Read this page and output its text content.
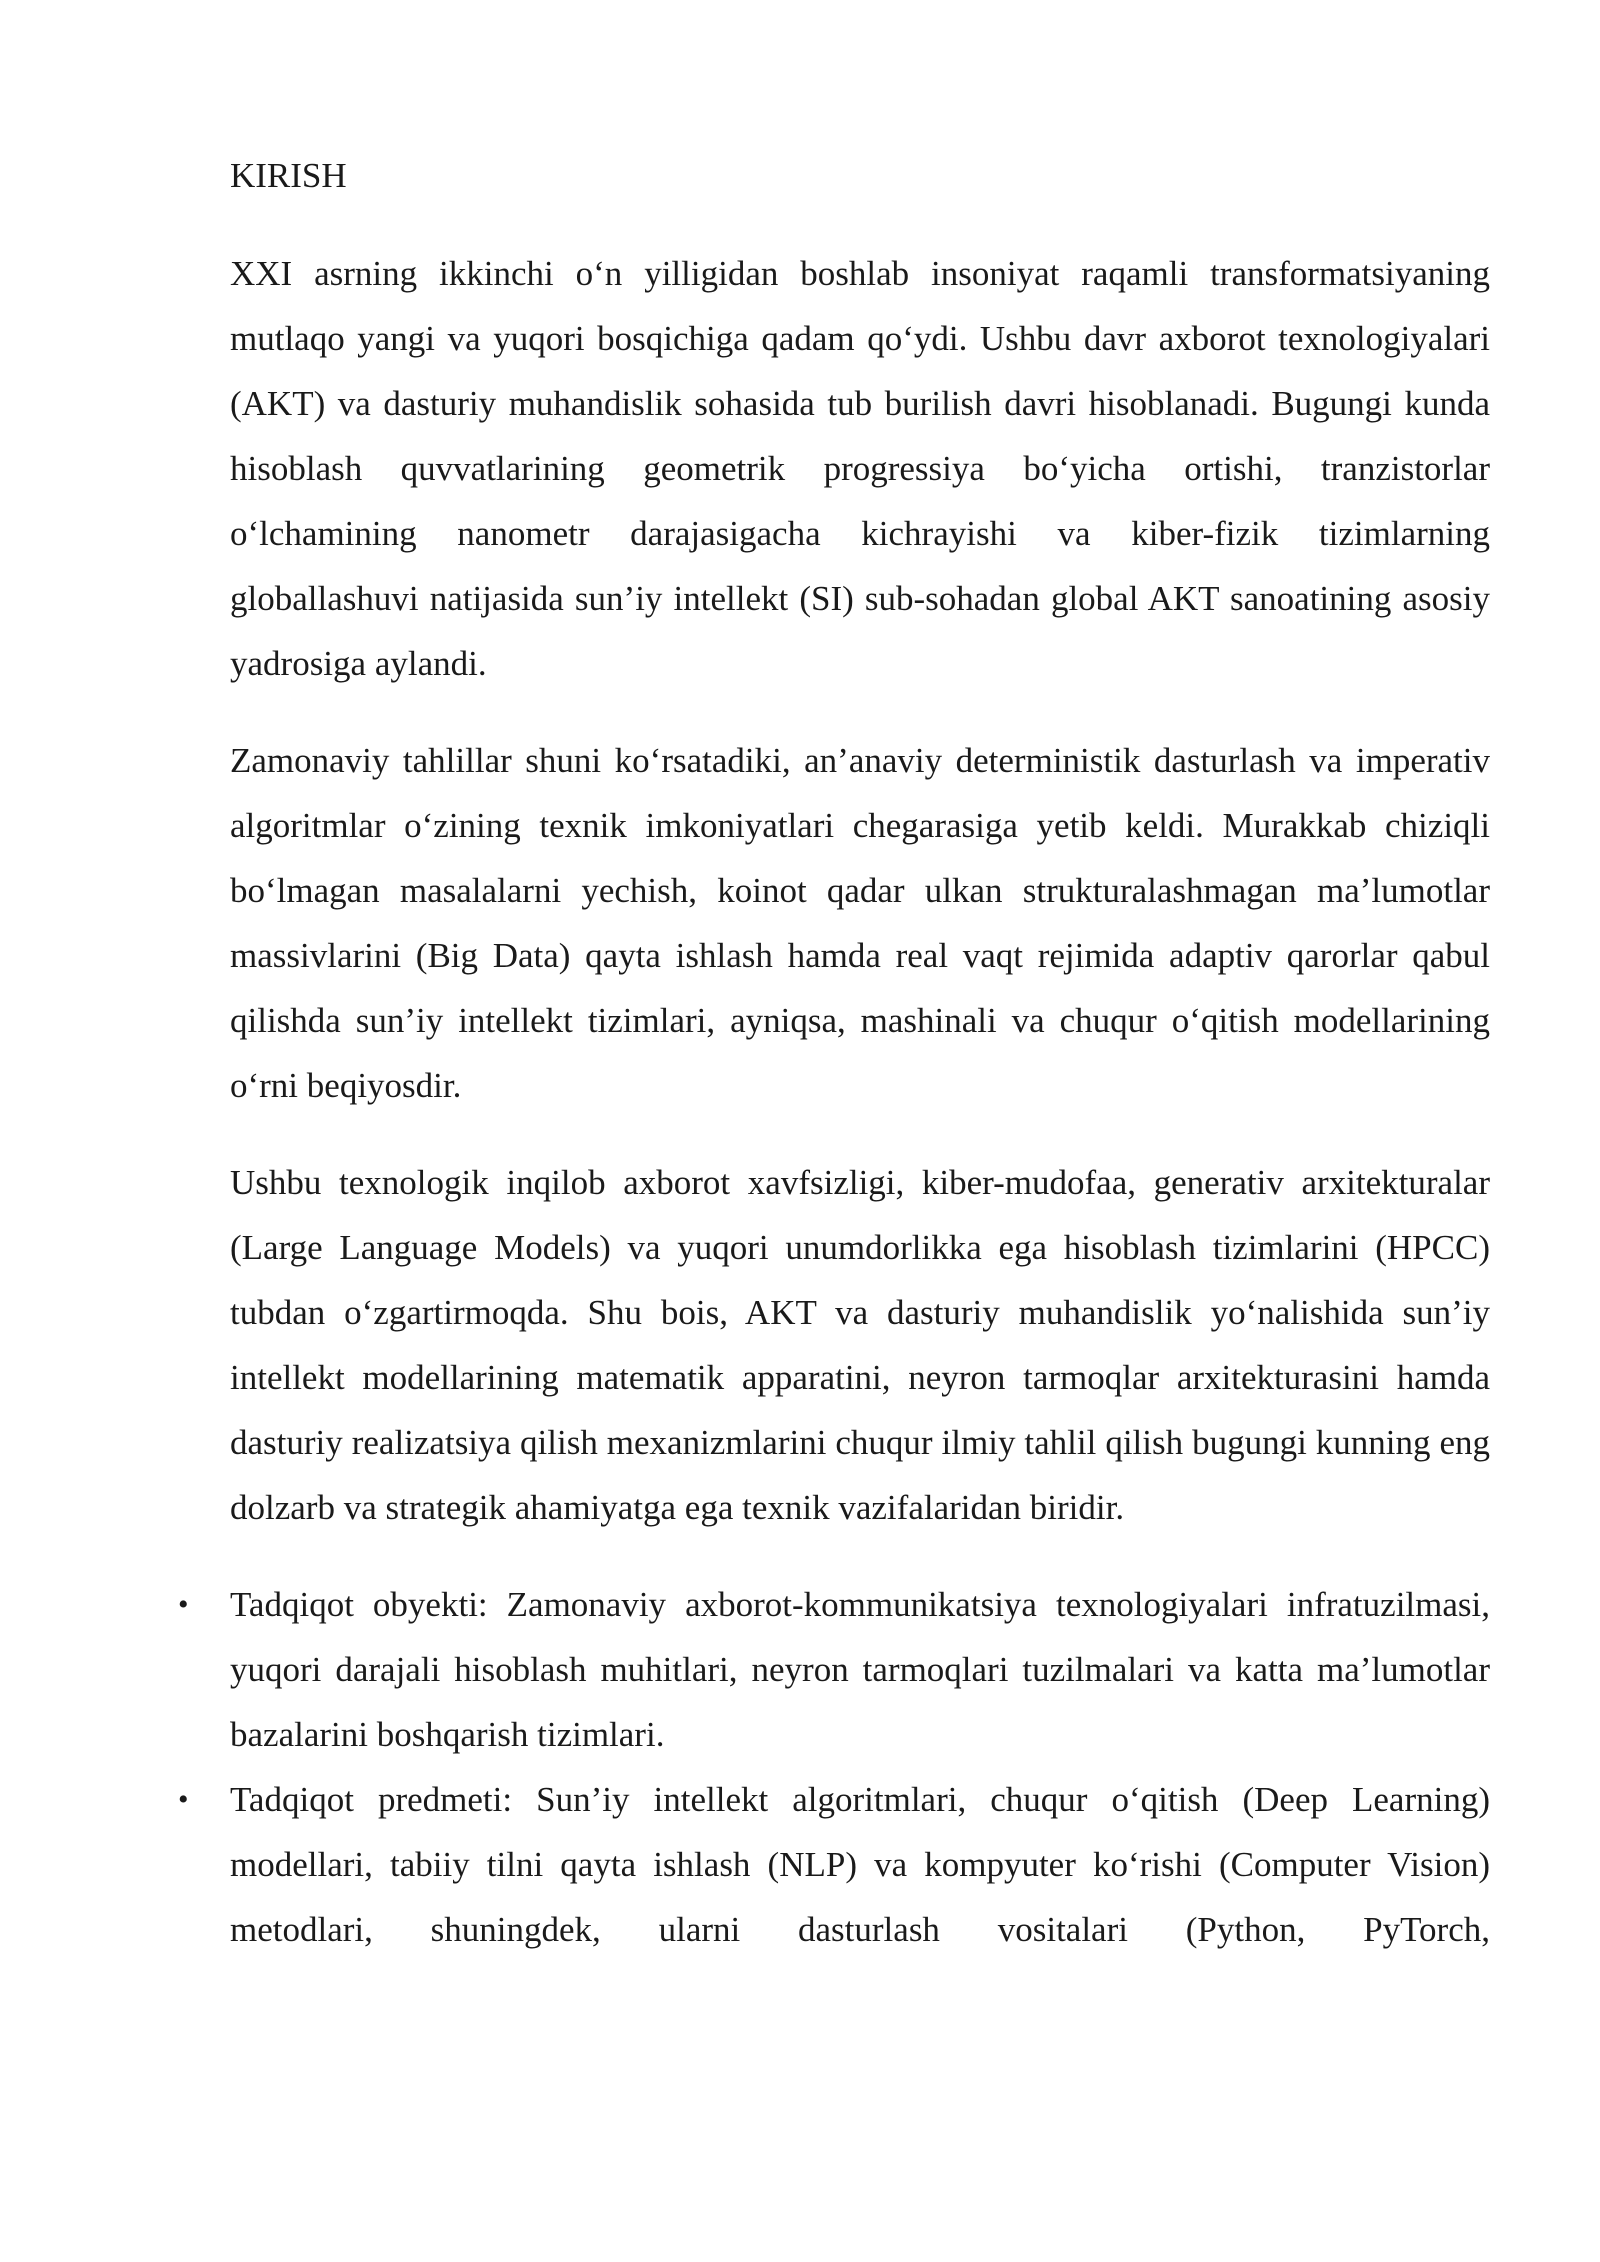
KIRISH

XXI asrning ikkinchi o‘n yilligidan boshlab insoniyat raqamli transformatsiyaning mutlaqo yangi va yuqori bosqichiga qadam qo‘ydi. Ushbu davr axborot texnologiyalari (AKT) va dasturiy muhandislik sohasida tub burilish davri hisoblanadi. Bugungi kunda hisoblash quvvatlarining geometrik progressiya bo‘yicha ortishi, tranzistorlar o‘lchamining nanometr darajasigacha kichrayishi va kiber-fizik tizimlarning globallashuvi natijasida sun’iy intellekt (SI) sub-sohadan global AKT sanoatining asosiy yadrosiga aylandi.

Zamonaviy tahlillar shuni ko‘rsatadiki, an’anaviy deterministik dasturlash va imperativ algoritmlar o‘zining texnik imkoniyatlari chegarasiga yetib keldi. Murakkab chiziqli bo‘lmagan masalalarni yechish, koinot qadar ulkan strukturalashmagan ma’lumotlar massivlarini (Big Data) qayta ishlash hamda real vaqt rejimida adaptiv qarorlar qabul qilishda sun’iy intellekt tizimlari, ayniqsa, mashinali va chuqur o‘qitish modellarining o‘rni beqiyosdir.

Ushbu texnologik inqilob axborot xavfsizligi, kiber-mudofaa, generativ arxitekturalar (Large Language Models) va yuqori unumdorlikka ega hisoblash tizimlarini (HPCC) tubdan o‘zgartirmoqda. Shu bois, AKT va dasturiy muhandislik yo‘nalishida sun’iy intellekt modellarining matematik apparatini, neyron tarmoqlar arxitekturasini hamda dasturiy realizatsiya qilish mexanizmlarini chuqur ilmiy tahlil qilish bugungi kunning eng dolzarb va strategik ahamiyatga ega texnik vazifalaridan biridir.

• Tadqiqot obyekti: Zamonaviy axborot-kommunikatsiya texnologiyalari infratuzilmasi, yuqori darajali hisoblash muhitlari, neyron tarmoqlari tuzilmalari va katta ma’lumotlar bazalarini boshqarish tizimlari.
• Tadqiqot predmeti: Sun’iy intellekt algoritmlari, chuqur o‘qitish (Deep Learning) modellari, tabiiy tilni qayta ishlash (NLP) va kompyuter ko‘rishi (Computer Vision) metodlari, shuningdek, ularni dasturlash vositalari (Python, PyTorch,
